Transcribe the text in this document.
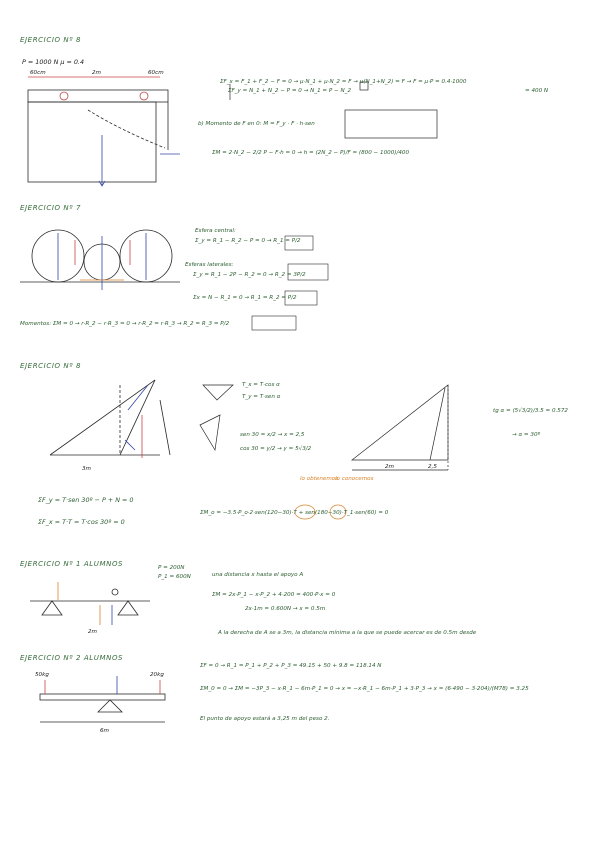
EJERCICIO Nº 8
P = 1000 N μ = 0.4
60cm	2m	60cm
ΣF_x = F_1 + F_2 − F = 0 → μ·N_1 + μ·N_2 = F → μ(N_1+N_2) = F → F = μ·P = 0.4·1000
ΣF_y = N_1 + N_2 − P = 0 → N_1 = P − N_2	= 400 N
b) Momento de F en 0: M = F_y · F · h·sen
ΣM = 2·N_2 − 2/2 P − F·h = 0 → h = (2N_2 − P)/F = (800 − 1000)/400
EJERCICIO Nº 7
Esfera central:
Σ_y = R_1 − R_2 − P = 0 → R_1 = P/2
Esferas laterales:
Σ_y = R_1 − 2P − R_2 = 0 → R_2 = 3P/2
Σx = N − R_1 = 0 → R_1 = R_2 = P/2
Momentos: ΣM = 0 → r·R_2 − r·R_3 = 0 → r·R_2 = r·R_3 → R_2 = R_3 = P/2
EJERCICIO Nº 8
T_x = T·cos α
T_y = T·sen α
sen 30 = x/2 → x = 2,5
cos 30 = y/2 → y = 5√3/2
tg α = (5√3/2)/3.5 = 0.572
→ α = 30º
3m	2m	2,5
lo obtenemos
lo conocemos
ΣF_y = T·sen 30º − P + N = 0
ΣF_x = T·T = T·cos 30º = 0
ΣM_o = −3.5·P_o·2·sen(120−30)·T + sen(180−30)·T_1·sen(60) = 0
EJERCICIO Nº 1 ALUMNOS	P = 200N
P_1 = 600N
2m
una distancia x hasta el apoyo A
ΣM = 2x·P_1 − x·P_2 + 4·200 = 400·P·x = 0
2x·1m = 0.600N → x = 0.5m
A la derecha de A se a 3m, la distancia mínima a la que se puede acercar es de 0.5m desde
EJERCICIO Nº 2 ALUMNOS
50kg	20kg
6m
ΣF = 0 → R_1 = P_1 + P_2 + P_3 = 49.15 + 50 + 9.8 = 118.14 N
ΣM_0 = 0 → ΣM = −3P_3 − x·R_1 − 6m·P_1 = 0 → x = −x·R_1 − 6m·P_1 + 3·P_3 → x = (6·490 − 3·204)/(M78) = 3.25
El punto de apoyo estará a 3,25 m del peso 2.
